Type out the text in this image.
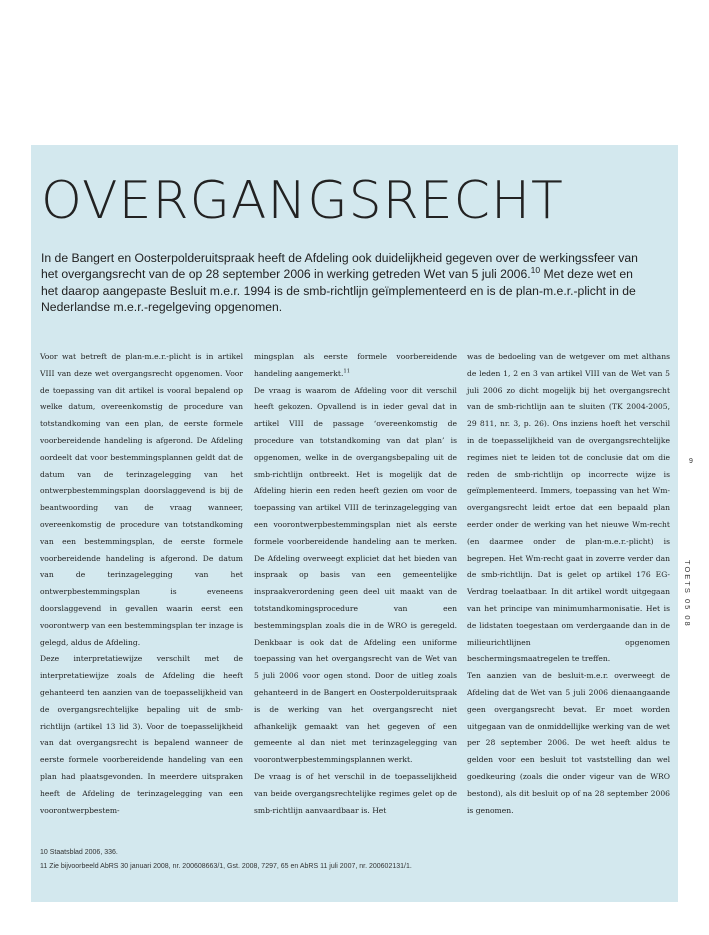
OVERGANGSRECHT

In de Bangert en Oosterpolderuitspraak heeft de Afdeling ook duidelijkheid gegeven over de werkingssfeer van het overgangsrecht van de op 28 september 2006 in werking getreden Wet van 5 juli 2006.10 Met deze wet en het daarop aangepaste Besluit m.e.r. 1994 is de smb-richtlijn geïmplementeerd en is de plan-m.e.r.-plicht in de Nederlandse m.e.r.-regelgeving opgenomen.

Voor wat betreft de plan-m.e.r.-plicht is in artikel VIII van deze wet overgangsrecht opgenomen. Voor de toepassing van dit artikel is vooral bepalend op welke datum, overeenkomstig de procedure van totstandkoming van een plan, de eerste formele voorbereidende handeling is afgerond. De Afdeling oordeelt dat voor bestemmingsplannen geldt dat de datum van de terinzagelegging van het ontwerpbestemmingsplan doorslaggevend is bij de beantwoording van de vraag wanneer, overeenkomstig de procedure van totstandkoming van een bestemmingsplan, de eerste formele voorbereidende handeling is afgerond. De datum van de terinzagelegging van het ontwerpbestemmingsplan is eveneens doorslaggevend in gevallen waarin eerst een voorontwerp van een bestemmingsplan ter inzage is gelegd, aldus de Afdeling.

Deze interpretatiewijze verschilt met de interpretatiewijze zoals de Afdeling die heeft gehanteerd ten aanzien van de toepasselijkheid van de overgangsrechtelijke bepaling uit de smb-richtlijn (artikel 13 lid 3). Voor de toepasselijkheid van dat overgangsrecht is bepalend wanneer de eerste formele voorbereidende handeling van een plan had plaatsgevonden. In meerdere uitspraken heeft de Afdeling de terinzagelegging van een voorontwerpbestem-

mingsplan als eerste formele voorbereidende handeling aangemerkt.$^{11}$

De vraag is waarom de Afdeling voor dit verschil heeft gekozen. Opvallend is in ieder geval dat in artikel VIII de passage ‘overeenkomstig de procedure van totstandkoming van dat plan’ is opgenomen, welke in de overgangsbepaling uit de smb-richtlijn ontbreekt. Het is mogelijk dat de Afdeling hierin een reden heeft gezien om voor de toepassing van artikel VIII de terinzagelegging van een voorontwerpbestemmingsplan niet als eerste formele voorbereidende handeling aan te merken. De Afdeling overweegt expliciet dat het bieden van inspraak op basis van een gemeentelijke inspraakverordening geen deel uit maakt van de totstandkomingsprocedure van een bestemmingsplan zoals die in de WRO is geregeld. Denkbaar is ook dat de Afdeling een uniforme toepassing van het overgangsrecht van de Wet van 5 juli 2006 voor ogen stond. Door de uitleg zoals gehanteerd in de Bangert en Oosterpolderuitspraak is de werking van het overgangsrecht niet afhankelijk gemaakt van het gegeven of een gemeente al dan niet met terinzagelegging van voorontwerpbestemmingsplannen werkt.

De vraag is of het verschil in de toepasselijkheid van beide overgangsrechtelijke regimes gelet op de smb-richtlijn aanvaardbaar is. Het

was de bedoeling van de wetgever om met althans de leden 1, 2 en 3 van artikel VIII van de Wet van 5 juli 2006 zo dicht mogelijk bij het overgangsrecht van de smb-richtlijn aan te sluiten (TK 2004-2005, 29 811, nr. 3, p. 26). Ons inziens hoeft het verschil in de toepasselijkheid van de overgangsrechtelijke regimes niet te leiden tot de conclusie dat om die reden de smb-richtlijn op incorrecte wijze is geïmplementeerd. Immers, toepassing van het Wm-overgangsrecht leidt ertoe dat een bepaald plan eerder onder de werking van het nieuwe Wm-recht (en daarmee onder de plan-m.e.r.-plicht) is begrepen. Het Wm-recht gaat in zoverre verder dan de smb-richtlijn. Dat is gelet op artikel 176 EG-Verdrag toelaatbaar. In dit artikel wordt uitgegaan van het principe van minimumharmonisatie. Het is de lidstaten toegestaan om verdergaande dan in de milieurichtlijnen opgenomen beschermingsmaatregelen te treffen.

Ten aanzien van de besluit-m.e.r. overweegt de Afdeling dat de Wet van 5 juli 2006 dienaangaande geen overgangsrecht bevat. Er moet worden uitgegaan van de onmiddellijke werking van de wet per 28 september 2006. De wet heeft aldus te gelden voor een besluit tot vaststelling dan wel goedkeuring (zoals die onder vigeur van de WRO bestond), als dit besluit op of na 28 september 2006 is genomen.

10 Staatsblad 2006, 336.
11 Zie bijvoorbeeld AbRS 30 januari 2008, nr. 200608663/1, Gst. 2008, 7297, 65 en AbRS 11 juli 2007, nr. 200602131/1.
9
TOETS 05 08
